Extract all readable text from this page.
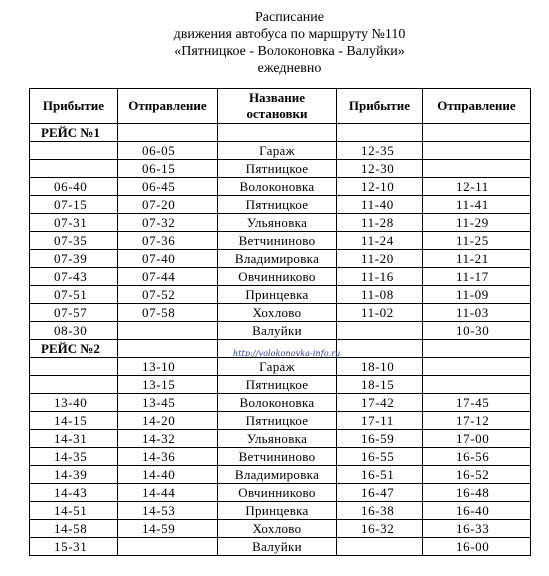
Расписание
движения автобуса по маршруту №110
«Пятницкое - Волоконовка - Валуйки»
ежедневно
Прибытие	Отправление	Название остановки	Прибытие	Отправление
РЕЙС №1				
	06-05	Гараж	12-35	
	06-15	Пятницкое	12-30	
06-40	06-45	Волоконовка	12-10	12-11
07-15	07-20	Пятницкое	11-40	11-41
07-31	07-32	Ульяновка	11-28	11-29
07-35	07-36	Ветчининово	11-24	11-25
07-39	07-40	Владимировка	11-20	11-21
07-43	07-44	Овчинниково	11-16	11-17
07-51	07-52	Принцевка	11-08	11-09
07-57	07-58	Хохлово	11-02	11-03
08-30		Валуйки		10-30
РЕЙС №2				
	13-10	Гараж	18-10	
	13-15	Пятницкое	18-15	
13-40	13-45	Волоконовка	17-42	17-45
14-15	14-20	Пятницкое	17-11	17-12
14-31	14-32	Ульяновка	16-59	17-00
14-35	14-36	Ветчининово	16-55	16-56
14-39	14-40	Владимировка	16-51	16-52
14-43	14-44	Овчинниково	16-47	16-48
14-51	14-53	Принцевка	16-38	16-40
14-58	14-59	Хохлово	16-32	16-33
15-31		Валуйки		16-00
http://volokonovka-info.ru
